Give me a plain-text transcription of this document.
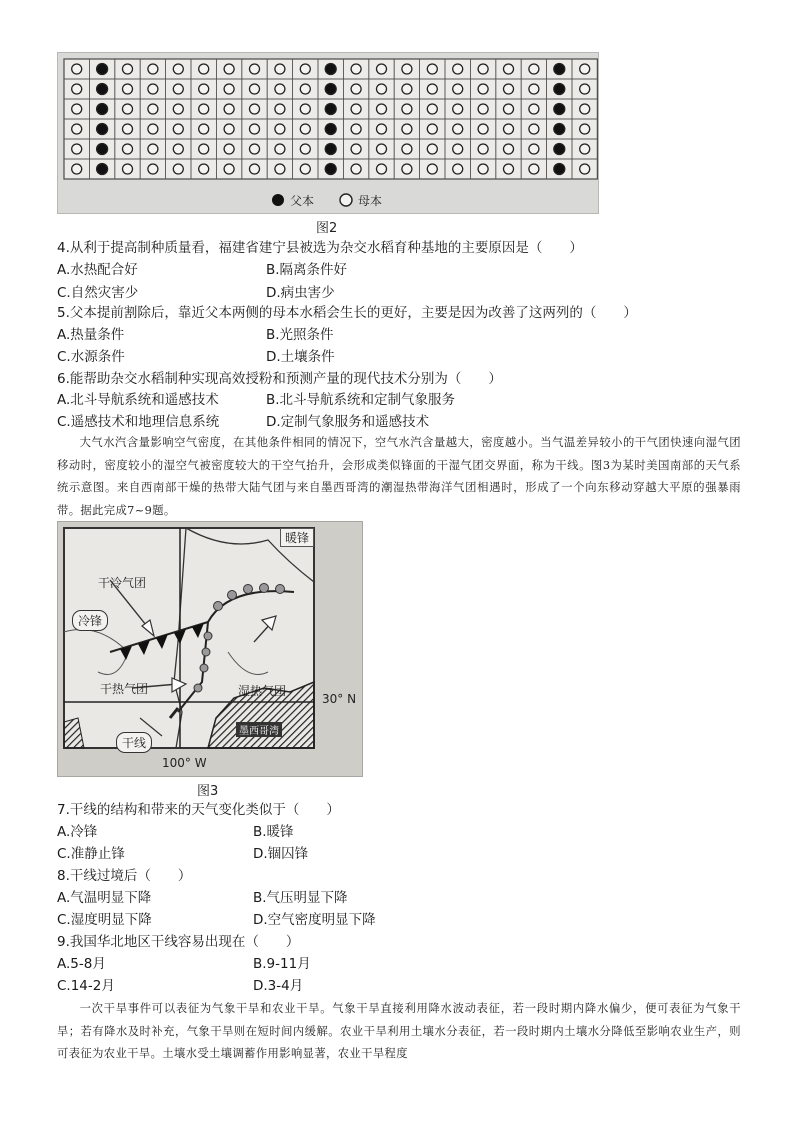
父本	母本
图2
4.从利于提高制种质量看，福建省建宁县被选为杂交水稻育种基地的主要原因是（　　）
A.水热配合好	B.隔离条件好
C.自然灾害少	D.病虫害少
5.父本提前割除后，靠近父本两侧的母本水稻会生长的更好，主要是因为改善了这两列的（　　）
A.热量条件	B.光照条件
C.水源条件	D.土壤条件
6.能帮助杂交水稻制种实现高效授粉和预测产量的现代技术分别为（　　）
A.北斗导航系统和遥感技术	B.北斗导航系统和定制气象服务
C.遥感技术和地理信息系统	D.定制气象服务和遥感技术

大气水汽含量影响空气密度，在其他条件相同的情况下，空气水汽含量越大，密度越小。当气温差异较小的干气团快速向湿气团移动时，密度较小的湿空气被密度较大的干空气抬升，会形成类似锋面的干湿气团交界面，称为干线。图3为某时美国南部的天气系统示意图。来自西南部干燥的热带大陆气团与来自墨西哥湾的潮湿热带海洋气团相遇时，形成了一个向东移动穿越大平原的强暴雨带。据此完成7~9题。

暖锋
干冷气团
冷锋
干热气团	湿热气团
干线
墨西哥湾
30° N
100° W
图3
7.干线的结构和带来的天气变化类似于（　　）
A.冷锋	B.暖锋
C.准静止锋	D.锢囚锋
8.干线过境后（　　）
A.气温明显下降	B.气压明显下降
C.湿度明显下降	D.空气密度明显下降
9.我国华北地区干线容易出现在（　　）
A.5-8月	B.9-11月
C.14-2月	D.3-4月

一次干旱事件可以表征为气象干旱和农业干旱。气象干旱直接利用降水波动表征，若一段时期内降水偏少，便可表征为气象干旱；若有降水及时补充，气象干旱则在短时间内缓解。农业干旱利用土壤水分表征，若一段时期内土壤水分降低至影响农业生产，则可表征为农业干旱。土壤水受土壤调蓄作用影响显著，农业干旱程度
